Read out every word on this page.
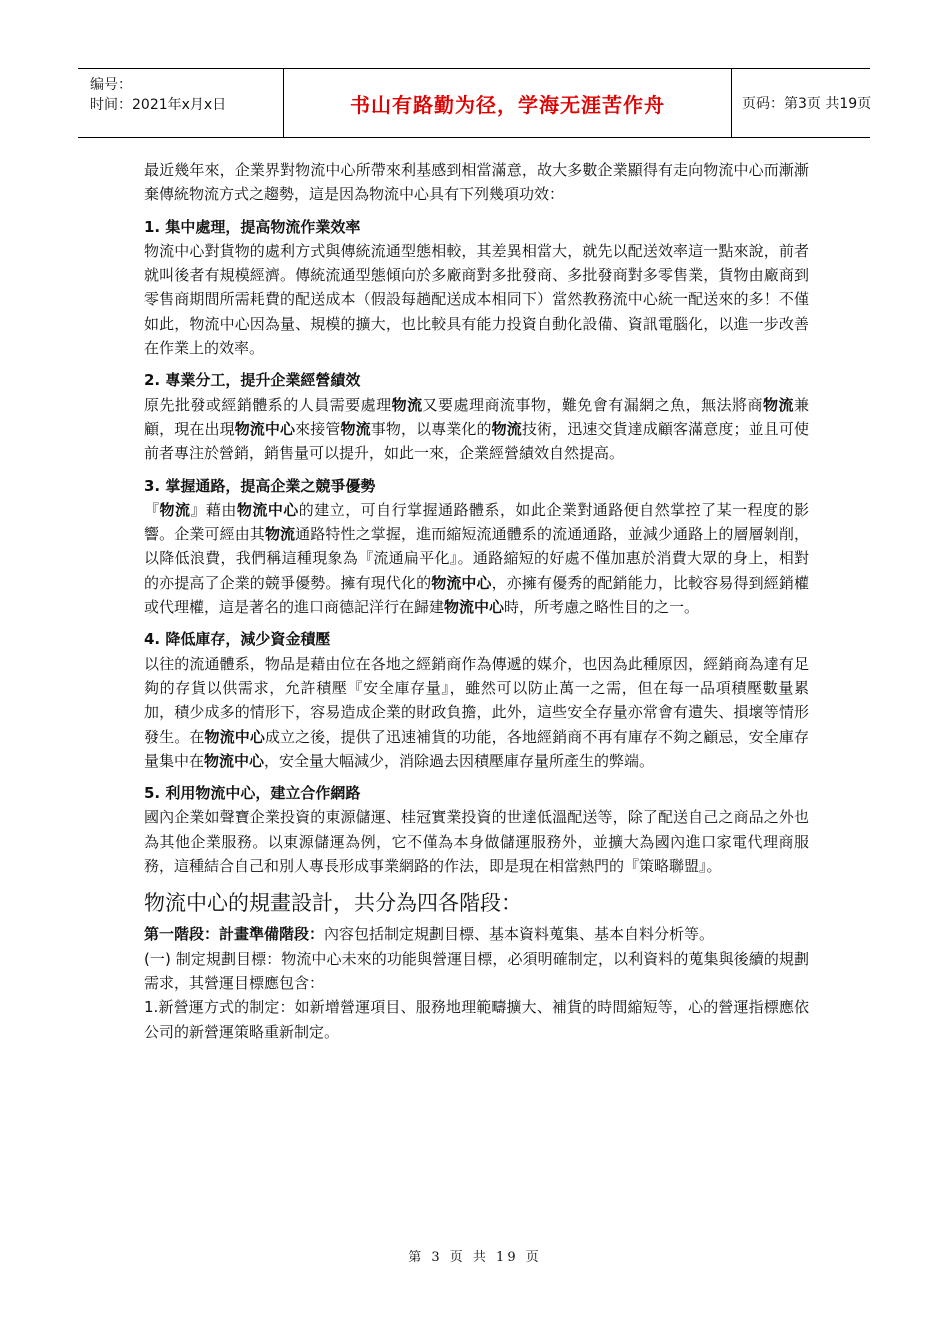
编号：
时间：2021年x月x日	书山有路勤为径，学海无涯苦作舟	页码：第3页 共19页

最近幾年來，企業界對物流中心所帶來利基感到相當滿意，故大多數企業顯得有走向物流中心而漸漸棄傳統物流方式之趨勢，這是因為物流中心具有下列幾項功效：

1. 集中處理，提高物流作業效率

物流中心對貨物的處利方式與傳統流通型態相較，其差異相當大，就先以配送效率這一點來說，前者就叫後者有規模經濟。傳統流通型態傾向於多廠商對多批發商、多批發商對多零售業，貨物由廠商到零售商期間所需耗費的配送成本（假設每趟配送成本相同下）當然教務流中心統一配送來的多！不僅如此，物流中心因為量、規模的擴大，也比較具有能力投資自動化設備、資訊電腦化，以進一步改善在作業上的效率。

2. 專業分工，提升企業經營績效

原先批發或經銷體系的人員需要處理物流又要處理商流事物，難免會有漏網之魚，無法將商物流兼顧，現在出現物流中心來接管物流事物，以專業化的物流技術，迅速交貨達成顧客滿意度；並且可使前者專注於營銷，銷售量可以提升，如此一來，企業經營績效自然提高。

3. 掌握通路，提高企業之競爭優勢

『物流』藉由物流中心的建立，可自行掌握通路體系，如此企業對通路便自然掌控了某一程度的影響。企業可經由其物流通路特性之掌握，進而縮短流通體系的流通通路，並減少通路上的層層剝削，以降低浪費，我們稱這種現象為『流通扁平化』。通路縮短的好處不僅加惠於消費大眾的身上，相對的亦提高了企業的競爭優勢。擁有現代化的物流中心，亦擁有優秀的配銷能力，比較容易得到經銷權或代理權，這是著名的進口商德記洋行在歸建物流中心時，所考慮之略性目的之一。

4. 降低庫存，減少資金積壓

以往的流通體系，物品是藉由位在各地之經銷商作為傳遞的媒介，也因為此種原因，經銷商為達有足夠的存貨以供需求，允許積壓『安全庫存量』，雖然可以防止萬一之需，但在每一品項積壓數量累加，積少成多的情形下，容易造成企業的財政負擔，此外，這些安全存量亦常會有遺失、損壞等情形發生。在物流中心成立之後，提供了迅速補貨的功能，各地經銷商不再有庫存不夠之顧忌，安全庫存量集中在物流中心，安全量大幅減少，消除過去因積壓庫存量所產生的弊端。

5. 利用物流中心，建立合作網路

國內企業如聲寶企業投資的東源儲運、桂冠實業投資的世達低溫配送等，除了配送自己之商品之外也為其他企業服務。以東源儲運為例，它不僅為本身做儲運服務外，並擴大為國內進口家電代理商服務，這種結合自己和別人專長形成事業網路的作法，即是現在相當熱門的『策略聯盟』。

物流中心的規畫設計，共分為四各階段：

第一階段：計畫準備階段：內容包括制定規劃目標、基本資料蒐集、基本自料分析等。

(一) 制定規劃目標：物流中心未來的功能與營運目標，必須明確制定，以利資料的蒐集與後續的規劃需求，其營運目標應包含：

1.新營運方式的制定：如新增營運項目、服務地理範疇擴大、補貨的時間縮短等，心的營運指標應依公司的新營運策略重新制定。

第 3 页 共 19 页
